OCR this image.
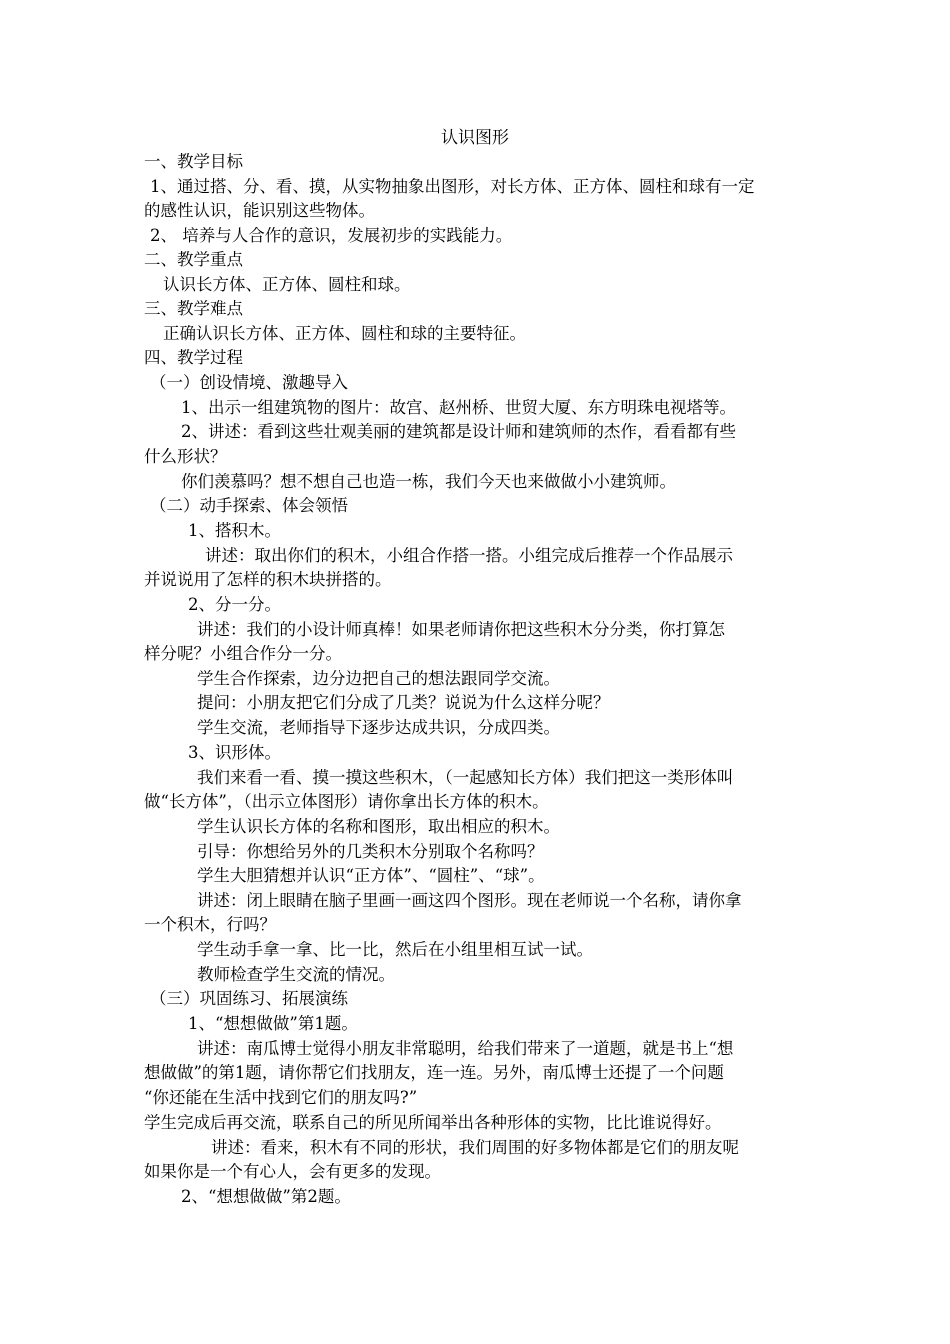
认识图形
一、教学目标
1、通过搭、分、看、摸，从实物抽象出图形，对长方体、正方体、圆柱和球有一定
的感性认识，能识别这些物体。
2、 培养与人合作的意识，发展初步的实践能力。
二、教学重点
认识长方体、正方体、圆柱和球。
三、教学难点
正确认识长方体、正方体、圆柱和球的主要特征。
四、教学过程
（一）创设情境、激趣导入
1、出示一组建筑物的图片：故宫、赵州桥、世贸大厦、东方明珠电视塔等。
2、讲述：看到这些壮观美丽的建筑都是设计师和建筑师的杰作，看看都有些
什么形状？
你们羡慕吗？想不想自己也造一栋，我们今天也来做做小小建筑师。
（二）动手探索、体会领悟
1、搭积木。
讲述：取出你们的积木，小组合作搭一搭。小组完成后推荐一个作品展示
并说说用了怎样的积木块拼搭的。
2、分一分。
讲述：我们的小设计师真棒！如果老师请你把这些积木分分类，你打算怎
样分呢？小组合作分一分。
学生合作探索，边分边把自己的想法跟同学交流。
提问：小朋友把它们分成了几类？说说为什么这样分呢？
学生交流，老师指导下逐步达成共识，分成四类。
3、识形体。
我们来看一看、摸一摸这些积木，（一起感知长方体）我们把这一类形体叫
做“长方体”，（出示立体图形）请你拿出长方体的积木。
学生认识长方体的名称和图形，取出相应的积木。
引导：你想给另外的几类积木分别取个名称吗？
学生大胆猜想并认识“正方体”、“圆柱”、“球”。
讲述：闭上眼睛在脑子里画一画这四个图形。现在老师说一个名称，请你拿
一个积木，行吗？
学生动手拿一拿、比一比，然后在小组里相互试一试。
教师检查学生交流的情况。
（三）巩固练习、拓展演练
1、“想想做做”第1题。
讲述：南瓜博士觉得小朋友非常聪明，给我们带来了一道题，就是书上“想
想做做”的第1题，请你帮它们找朋友，连一连。另外，南瓜博士还提了一个问题
“你还能在生活中找到它们的朋友吗?”
学生完成后再交流，联系自己的所见所闻举出各种形体的实物，比比谁说得好。
讲述：看来，积木有不同的形状，我们周围的好多物体都是它们的朋友呢
如果你是一个有心人，会有更多的发现。
2、“想想做做”第2题。
